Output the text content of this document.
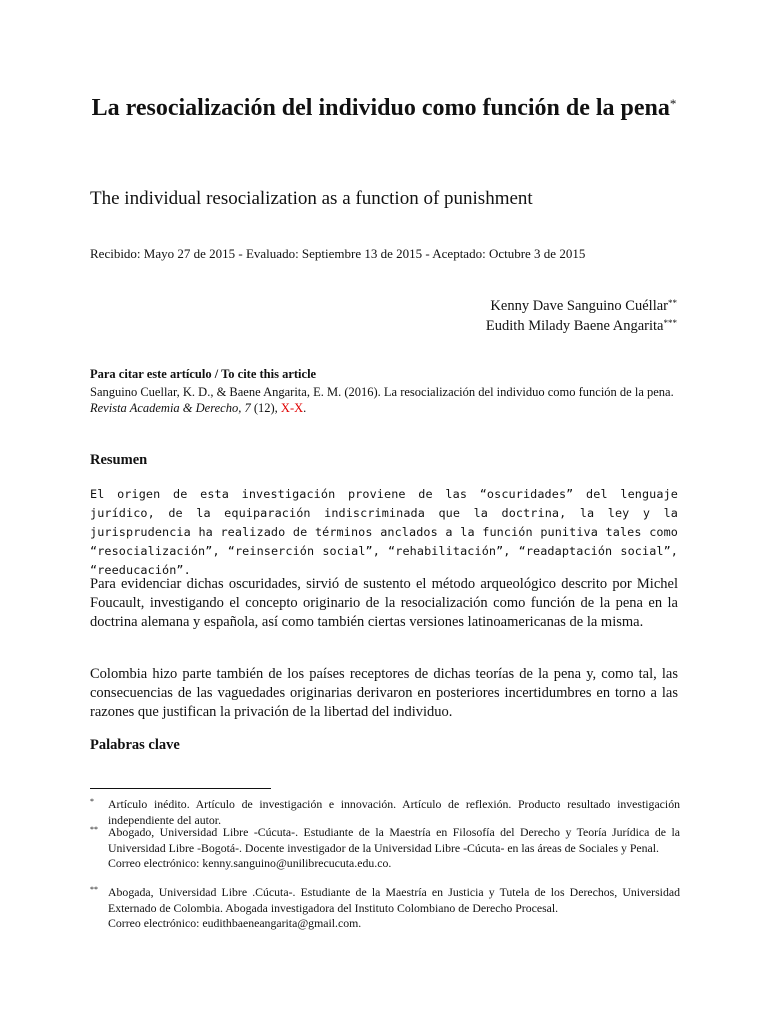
La resocialización del individuo como función de la pena*
The individual resocialization as a function of punishment
Recibido: Mayo 27 de 2015 - Evaluado: Septiembre 13 de 2015 - Aceptado: Octubre 3 de 2015
Kenny Dave Sanguino Cuéllar**
Eudith Milady Baene Angarita***
Para citar este artículo / To cite this article
Sanguino Cuellar, K. D., & Baene Angarita, E. M. (2016). La resocialización del individuo como función de la pena.
Revista Academia & Derecho, 7 (12), X-X.
Resumen
El origen de esta investigación proviene de las “oscuridades” del lenguaje jurídico, de la equiparación indiscriminada que la doctrina, la ley y la jurisprudencia ha realizado de términos anclados a la función punitiva tales como “resocialización”, “reinserción social”, “rehabilitación”, “readaptación social”, “reeducación”.
Para evidenciar dichas oscuridades, sirvió de sustento el método arqueológico descrito por Michel Foucault, investigando el concepto originario de la resocialización como función de la pena en la doctrina alemana y española, así como también ciertas versiones latinoamericanas de la misma.
Colombia hizo parte también de los países receptores de dichas teorías de la pena y, como tal, las consecuencias de las vaguedades originarias derivaron en posteriores incertidumbres en torno a las razones que justifican la privación de la libertad del individuo.
Palabras clave
* Artículo inédito. Artículo de investigación e innovación. Artículo de reflexión. Producto resultado investigación independiente del autor.
** Abogado, Universidad Libre -Cúcuta-. Estudiante de la Maestría en Filosofía del Derecho y Teoría Jurídica de la Universidad Libre -Bogotá-. Docente investigador de la Universidad Libre -Cúcuta- en las áreas de Sociales y Penal.
Correo electrónico: kenny.sanguino@unilibrecucuta.edu.co.
** Abogada, Universidad Libre .Cúcuta-. Estudiante de la Maestría en Justicia y Tutela de los Derechos, Universidad Externado de Colombia. Abogada investigadora del Instituto Colombiano de Derecho Procesal.
Correo electrónico: eudithbaeneangarita@gmail.com.
